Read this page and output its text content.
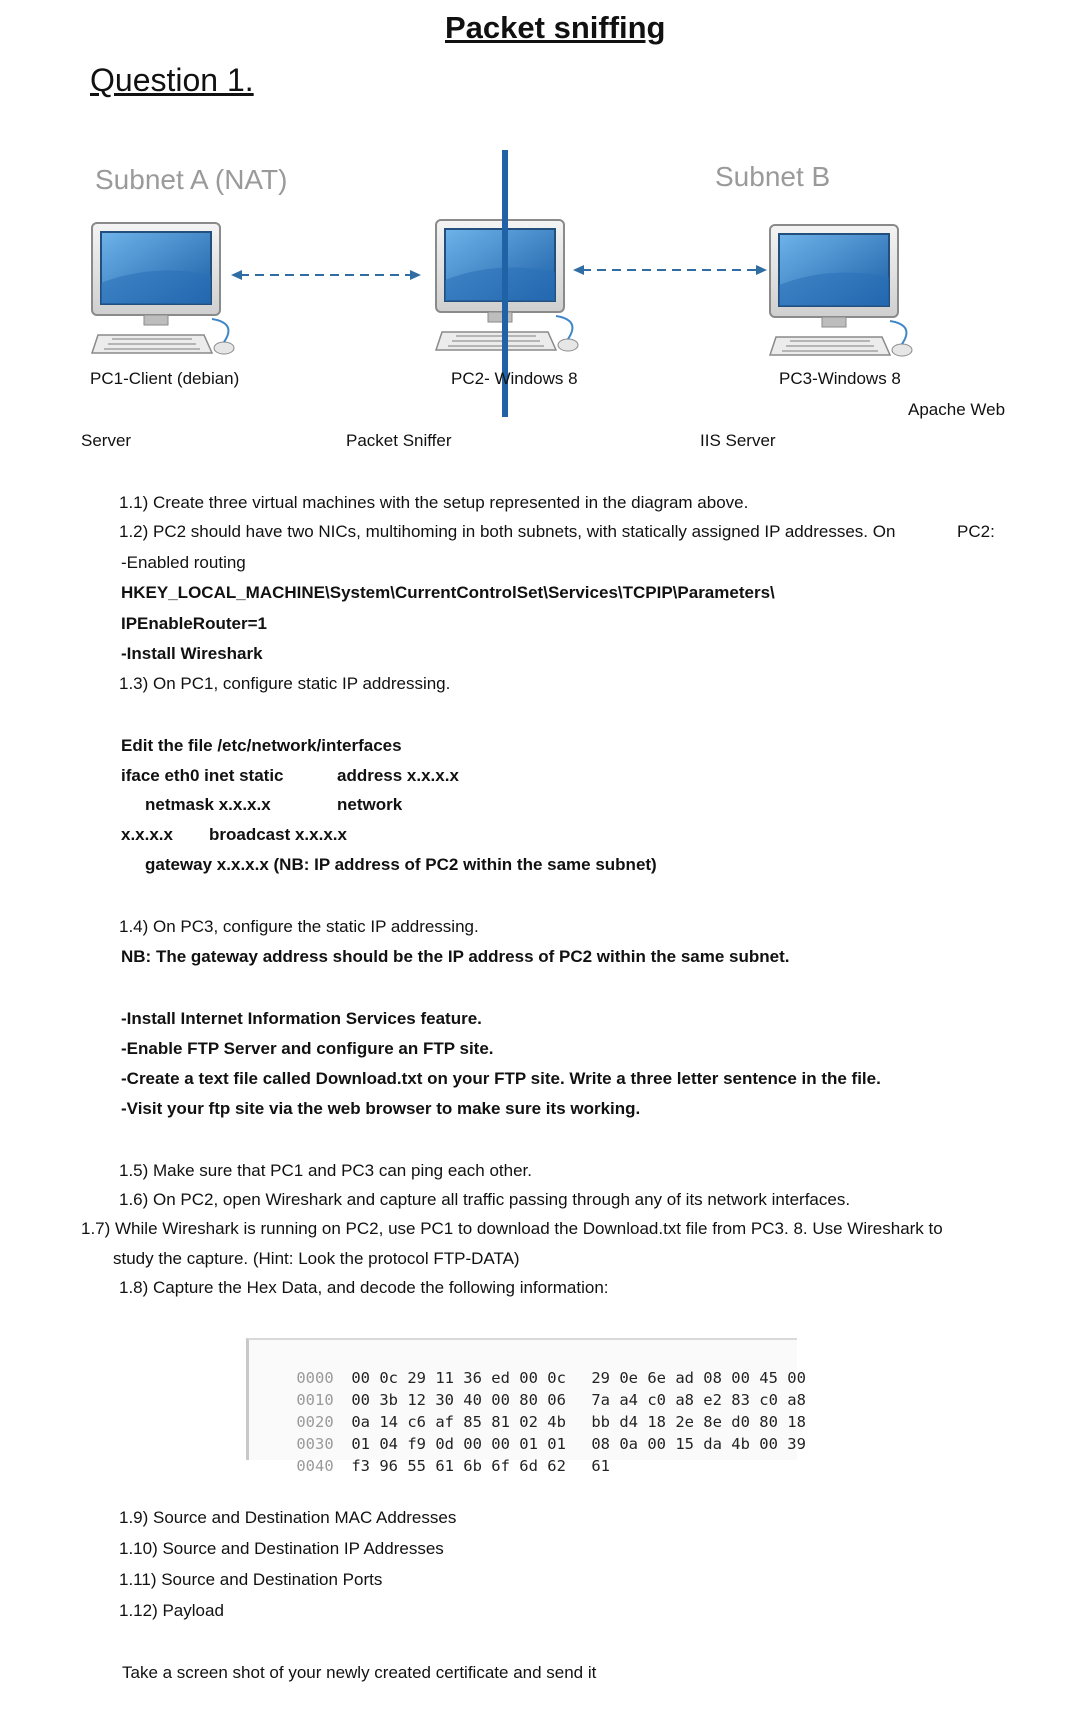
Packet sniffing
Question 1.
Subnet A (NAT)	Subnet B
PC1-Client (debian)	PC2- Windows 8	PC3-Windows 8
Apache Web
Server	Packet Sniffer	IIS Server
1.1) Create three virtual machines with the setup represented in the diagram above.
1.2) PC2 should have two NICs, multihoming in both subnets, with statically assigned IP addresses. On	PC2:
-Enabled routing
HKEY_LOCAL_MACHINE\System\CurrentControlSet\Services\TCPIP\Parameters\
IPEnableRouter=1
-Install Wireshark
1.3) On PC1, configure static IP addressing.
Edit the file /etc/network/interfaces
iface eth0 inet static	address x.x.x.x
netmask x.x.x.x	network
x.x.x.x broadcast x.x.x.x
gateway x.x.x.x (NB: IP address of PC2 within the same subnet)
1.4) On PC3, configure the static IP addressing.
NB: The gateway address should be the IP address of PC2 within the same subnet.
-Install Internet Information Services feature.
-Enable FTP Server and configure an FTP site.
-Create a text file called Download.txt on your FTP site. Write a three letter sentence in the file.
-Visit your ftp site via the web browser to make sure its working.
1.5) Make sure that PC1 and PC3 can ping each other.
1.6) On PC2, open Wireshark and capture all traffic passing through any of its network interfaces.
1.7) While Wireshark is running on PC2, use PC1 to download the Download.txt file from PC3. 8. Use Wireshark to
study the capture. (Hint: Look the protocol FTP-DATA)
1.8) Capture the Hex Data, and decode the following information:

0000 00 0c 29 11 36 ed 00 0c 29 0e 6e ad 08 00 45 00

0010 00 3b 12 30 40 00 80 06 7a a4 c0 a8 e2 83 c0 a8

0020 0a 14 c6 af 85 81 02 4b bb d4 18 2e 8e d0 80 18

0030 01 04 f9 0d 00 00 01 01 08 0a 00 15 da 4b 00 39

0040 f3 96 55 61 6b 6f 6d 62 61

1.9) Source and Destination MAC Addresses
1.10) Source and Destination IP Addresses
1.11) Source and Destination Ports
1.12) Payload
Take a screen shot of your newly created certificate and send it
